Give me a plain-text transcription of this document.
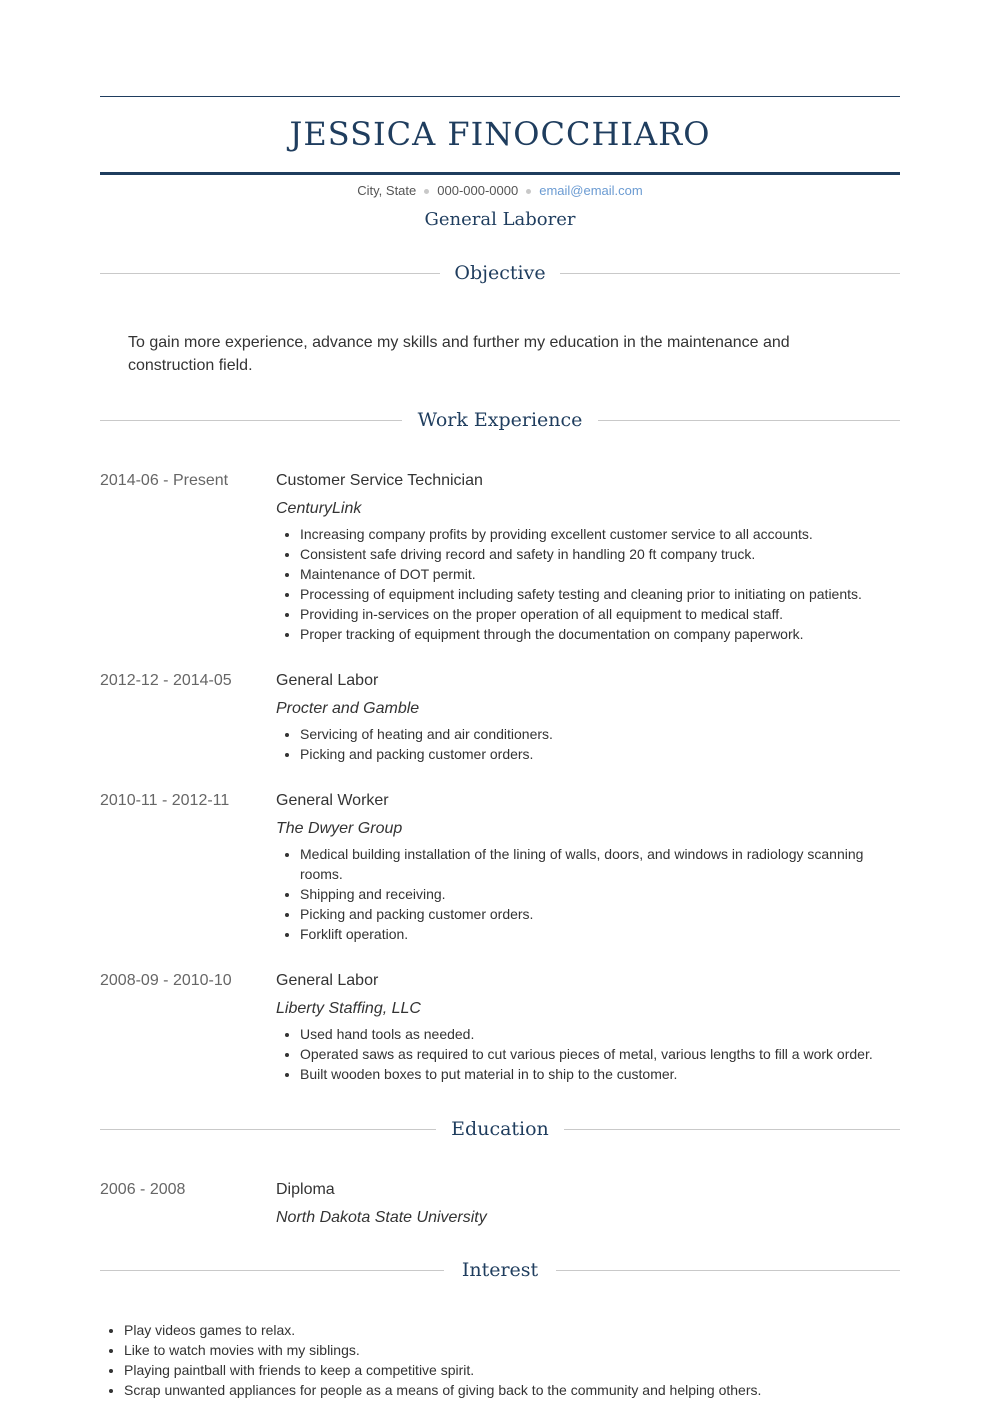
JESSICA FINOCCHIARO
City, State 000-000-0000 email@email.com
General Laborer
Objective
To gain more experience, advance my skills and further my education in the maintenance and construction field.
Work Experience
2014-06 - Present	Customer Service Technician
CenturyLink
• Increasing company profits by providing excellent customer service to all accounts.
• Consistent safe driving record and safety in handling 20 ft company truck.
• Maintenance of DOT permit.
• Processing of equipment including safety testing and cleaning prior to initiating on patients.
• Providing in-services on the proper operation of all equipment to medical staff.
• Proper tracking of equipment through the documentation on company paperwork.
2012-12 - 2014-05	General Labor
Procter and Gamble
• Servicing of heating and air conditioners.
• Picking and packing customer orders.
2010-11 - 2012-11	General Worker
The Dwyer Group
• Medical building installation of the lining of walls, doors, and windows in radiology scanning rooms.
• Shipping and receiving.
• Picking and packing customer orders.
• Forklift operation.
2008-09 - 2010-10	General Labor
Liberty Staffing, LLC
• Used hand tools as needed.
• Operated saws as required to cut various pieces of metal, various lengths to fill a work order.
• Built wooden boxes to put material in to ship to the customer.
Education
2006 - 2008	Diploma
North Dakota State University
Interest
• Play videos games to relax.
• Like to watch movies with my siblings.
• Playing paintball with friends to keep a competitive spirit.
• Scrap unwanted appliances for people as a means of giving back to the community and helping others.
